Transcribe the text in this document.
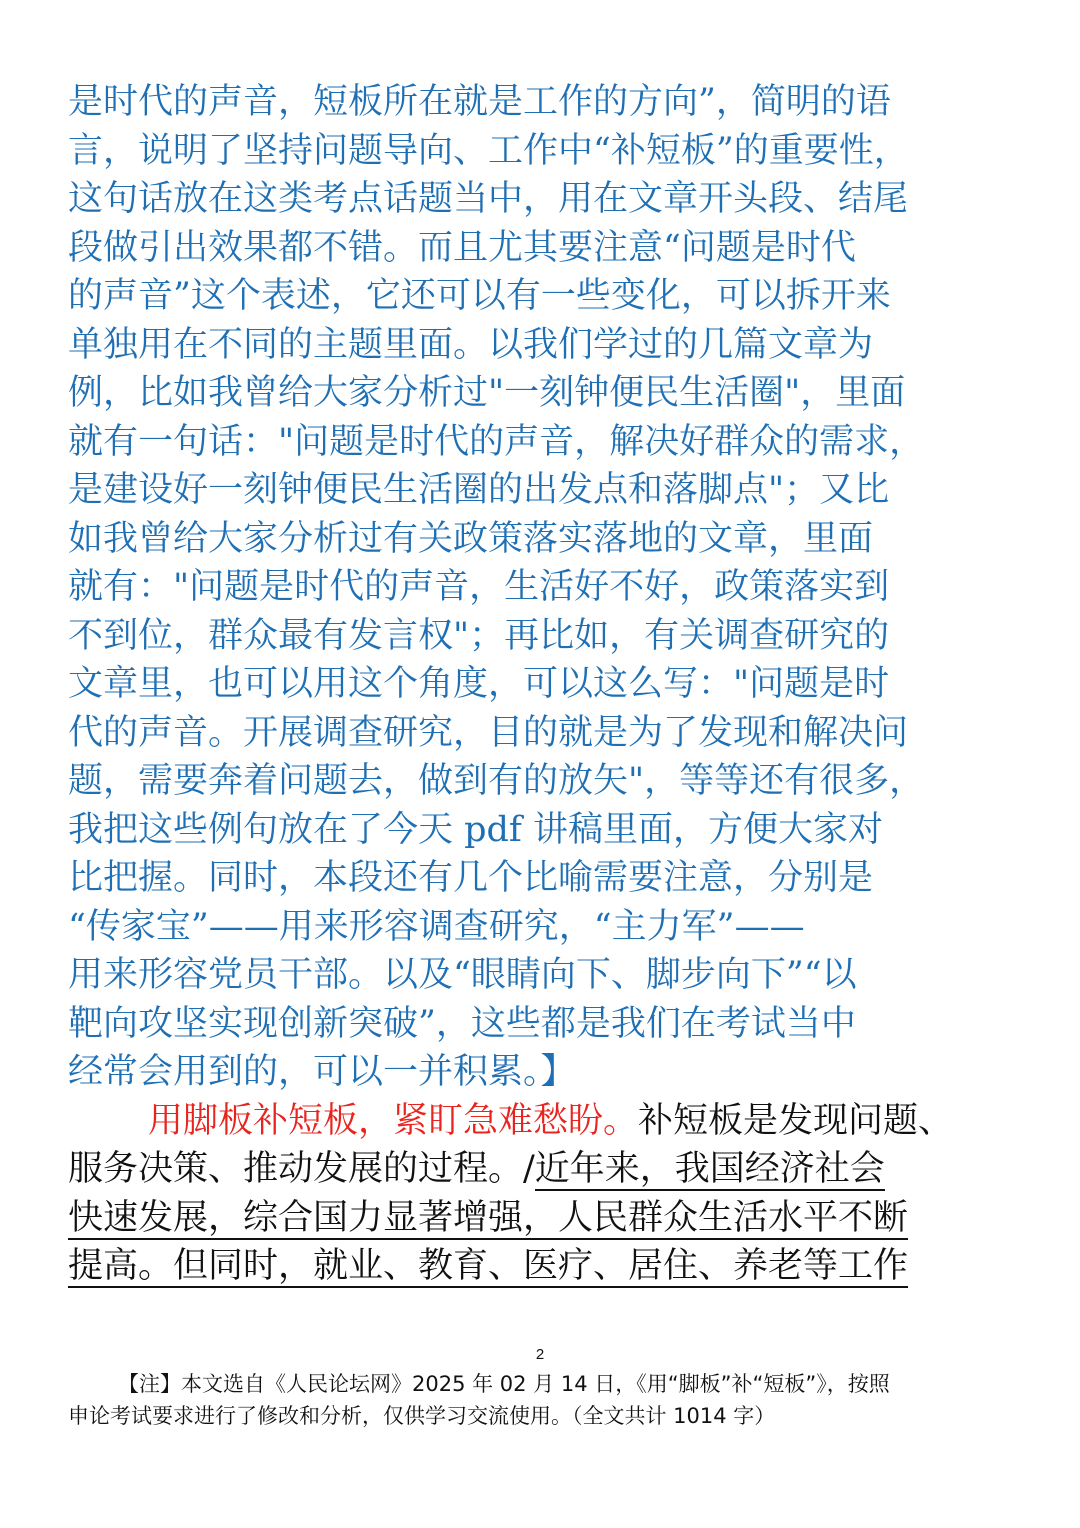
是时代的声音，短板所在就是工作的方向”，简明的语
言，说明了坚持问题导向、工作中“补短板”的重要性，
这句话放在这类考点话题当中，用在文章开头段、结尾
段做引出效果都不错。而且尤其要注意“问题是时代
的声音”这个表述，它还可以有一些变化，可以拆开来
单独用在不同的主题里面。以我们学过的几篇文章为
例，比如我曾给大家分析过"一刻钟便民生活圈"，里面
就有一句话："问题是时代的声音，解决好群众的需求，
是建设好一刻钟便民生活圈的出发点和落脚点"；又比
如我曾给大家分析过有关政策落实落地的文章，里面
就有："问题是时代的声音，生活好不好，政策落实到
不到位，群众最有发言权"；再比如，有关调查研究的
文章里，也可以用这个角度，可以这么写："问题是时
代的声音。开展调查研究，目的就是为了发现和解决问
题，需要奔着问题去，做到有的放矢"，等等还有很多，
我把这些例句放在了今天 pdf 讲稿里面，方便大家对
比把握。同时，本段还有几个比喻需要注意，分别是
“传家宝”——用来形容调查研究，“主力军”——
用来形容党员干部。以及“眼睛向下、脚步向下”“以
靶向攻坚实现创新突破”，这些都是我们在考试当中
经常会用到的，可以一并积累。】
用脚板补短板，紧盯急难愁盼。补短板是发现问题、
服务决策、推动发展的过程。/近年来，我国经济社会
快速发展，综合国力显著增强，人民群众生活水平不断
提高。但同时，就业、教育、医疗、居住、养老等工作
2
【注】本文选自《人民论坛网》2025 年 02 月 14 日，《用“脚板”补“短板”》，按照
申论考试要求进行了修改和分析，仅供学习交流使用。（全文共计 1014 字）
